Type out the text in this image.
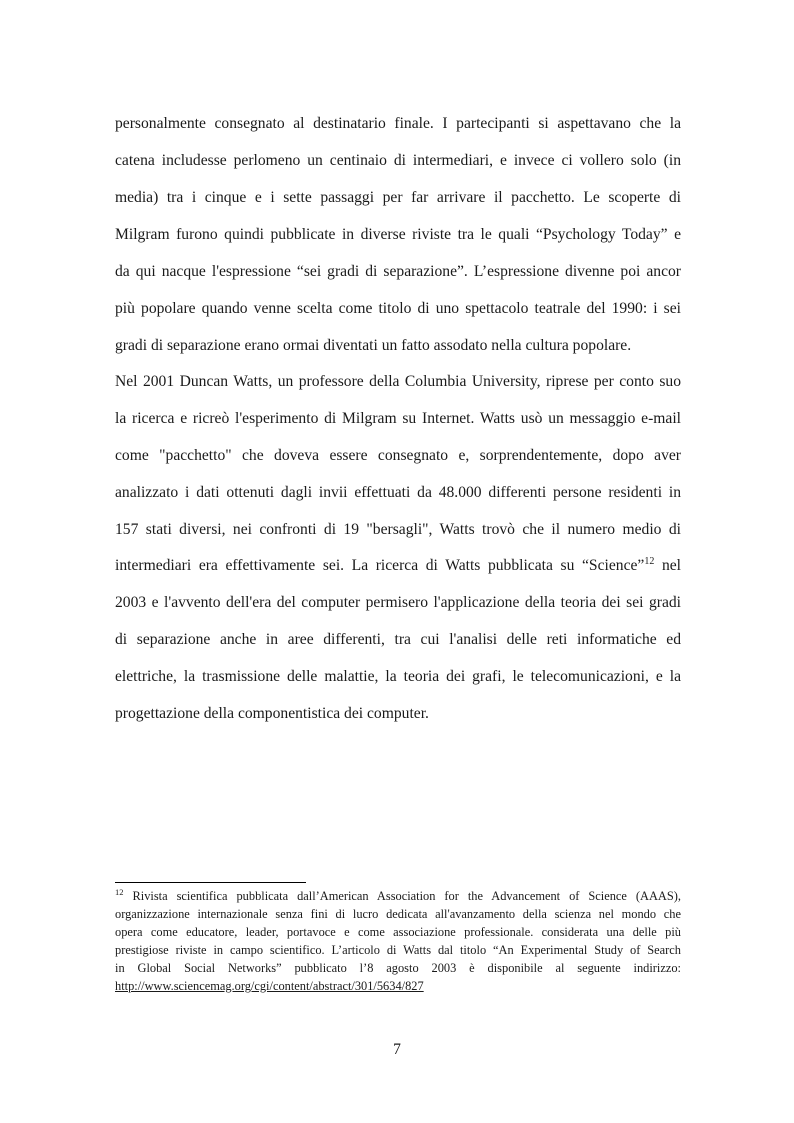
personalmente consegnato al destinatario finale. I partecipanti si aspettavano che la
catena includesse perlomeno un centinaio di intermediari, e invece ci vollero solo (in
media) tra i cinque e i sette passaggi per far arrivare il pacchetto. Le scoperte di
Milgram furono quindi pubblicate in diverse riviste tra le quali “Psychology Today” e
da qui nacque l'espressione “sei gradi di separazione”. L’espressione divenne poi ancor
più popolare quando venne scelta come titolo di uno spettacolo teatrale del 1990: i sei
gradi di separazione erano ormai diventati un fatto assodato nella cultura popolare.
Nel 2001 Duncan Watts, un professore della Columbia University, riprese per conto suo
la ricerca e ricreò l'esperimento di Milgram su Internet. Watts usò un messaggio e-mail
come "pacchetto" che doveva essere consegnato e, sorprendentemente, dopo aver
analizzato i dati ottenuti dagli invii effettuati da 48.000 differenti persone residenti in
157 stati diversi, nei confronti di 19 "bersagli", Watts trovò che il numero medio di
intermediari era effettivamente sei. La ricerca di Watts pubblicata su “Science”$^{12}$ nel
2003 e l'avvento dell'era del computer permisero l'applicazione della teoria dei sei gradi
di separazione anche in aree differenti, tra cui l'analisi delle reti informatiche ed
elettriche, la trasmissione delle malattie, la teoria dei grafi, le telecomunicazioni, e la
progettazione della componentistica dei computer.
$^{12}$ Rivista scientifica pubblicata dall’American Association for the Advancement of Science (AAAS),
organizzazione internazionale senza fini di lucro dedicata all'avanzamento della scienza nel mondo che
opera come educatore, leader, portavoce e come associazione professionale. considerata una delle più
prestigiose riviste in campo scientifico. L’articolo di Watts dal titolo “An Experimental Study of Search
in Global Social Networks” pubblicato l’8 agosto 2003 è disponibile al seguente indirizzo:
http://www.sciencemag.org/cgi/content/abstract/301/5634/827
7
